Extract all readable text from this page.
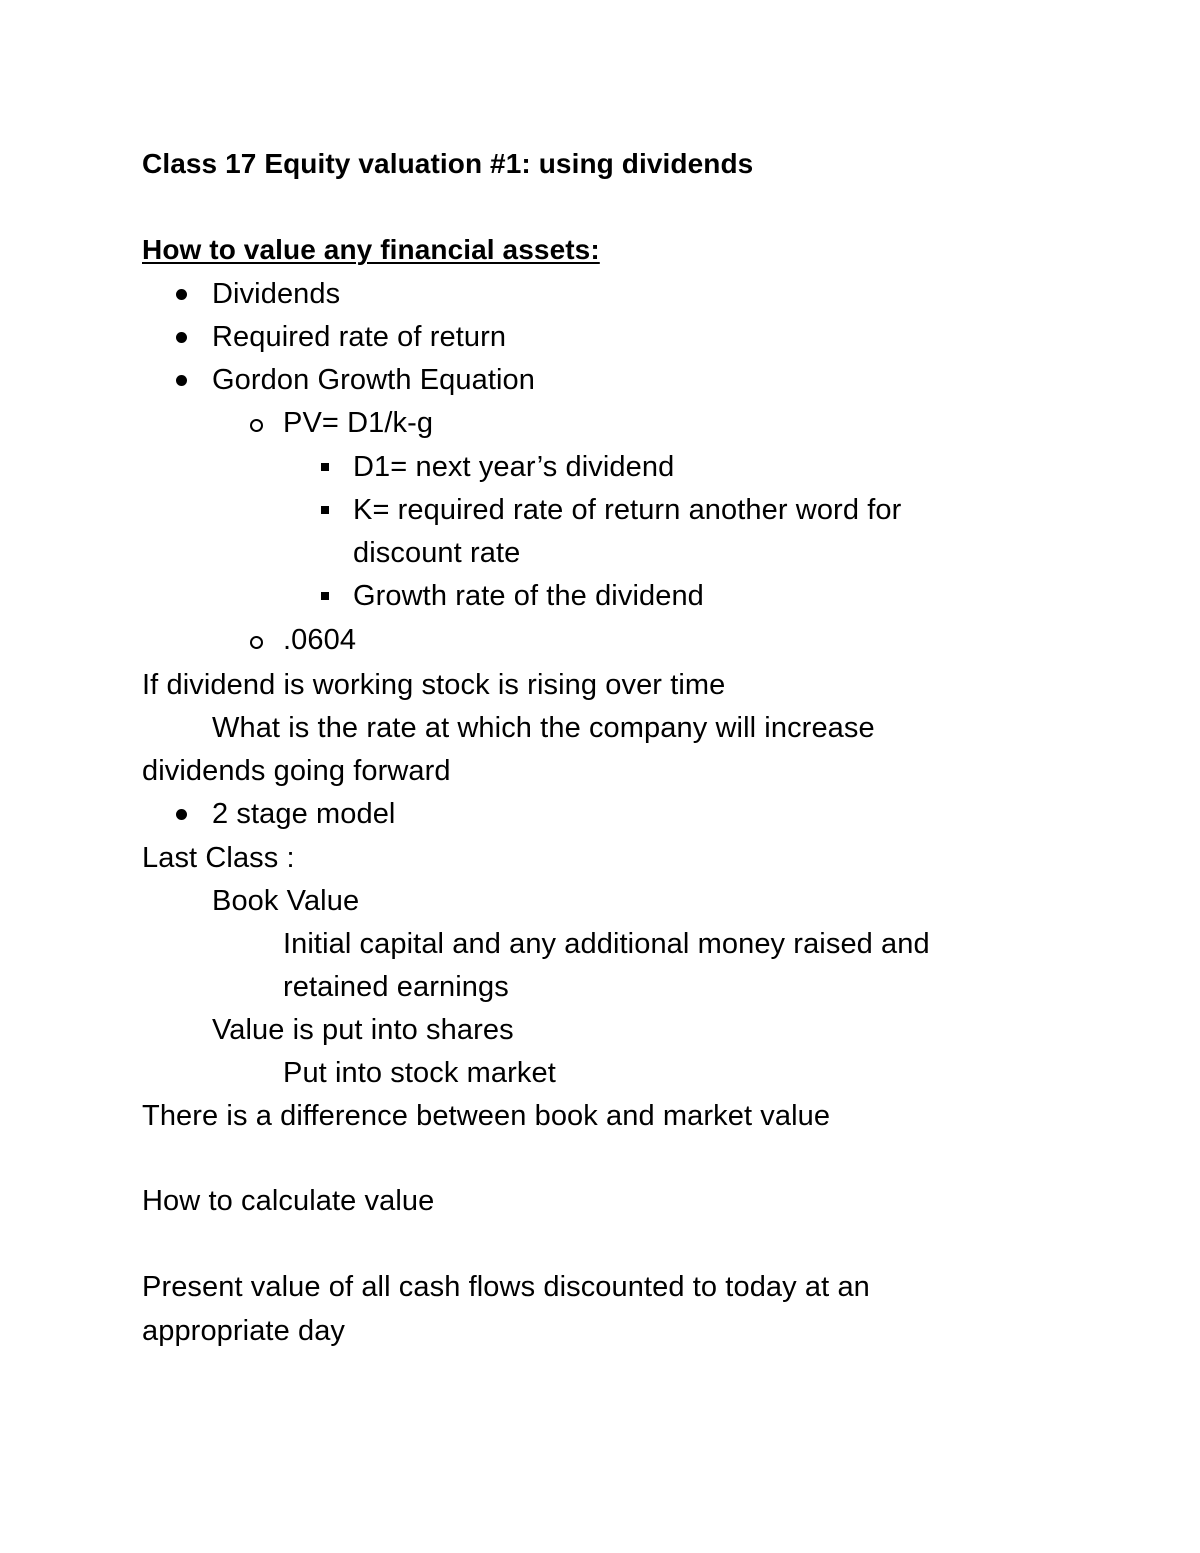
Class 17 Equity valuation #1: using dividends
How to value any financial assets:
Dividends
Required rate of return
Gordon Growth Equation
PV= D1/k-g
D1= next year’s dividend
K= required rate of return another word for
discount rate
Growth rate of the dividend
.0604
If dividend is working stock is rising over time
What is the rate at which the company will increase
dividends going forward
2 stage model
Last Class :
Book Value
Initial capital and any additional money raised and
retained earnings
Value is put into shares
Put into stock market
There is a difference between book and market value
How to calculate value
Present value of all cash flows discounted to today at an
appropriate day
